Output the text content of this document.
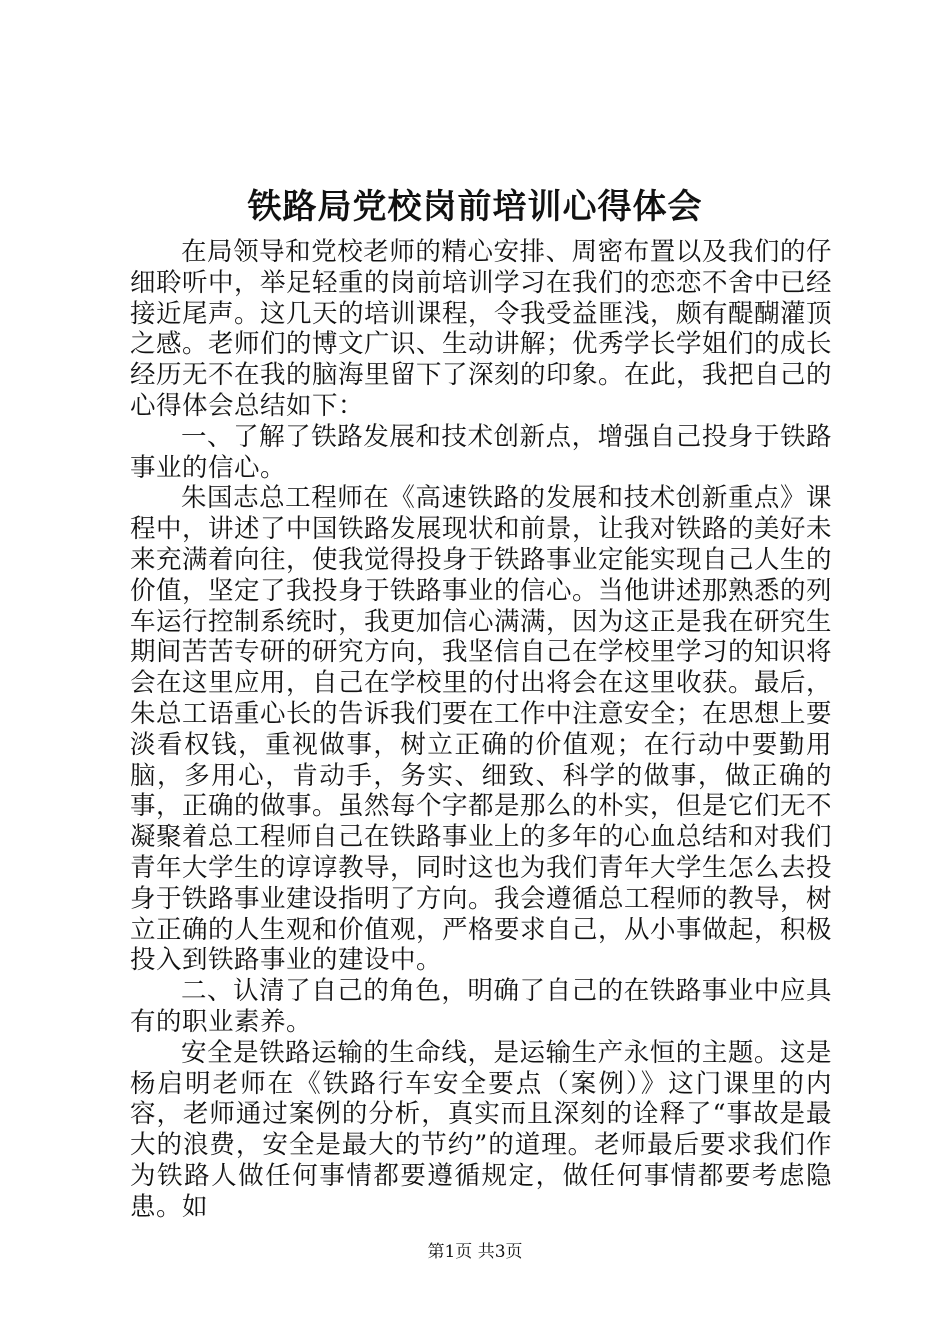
铁路局党校岗前培训心得体会

在局领导和党校老师的精心安排、周密布置以及我们的仔细聆听中，举足轻重的岗前培训学习在我们的恋恋不舍中已经接近尾声。这几天的培训课程，令我受益匪浅，颇有醍醐灌顶之感。老师们的博文广识、生动讲解；优秀学长学姐们的成长经历无不在我的脑海里留下了深刻的印象。在此，我把自己的心得体会总结如下：

一、了解了铁路发展和技术创新点，增强自己投身于铁路事业的信心。

朱国志总工程师在《高速铁路的发展和技术创新重点》课程中，讲述了中国铁路发展现状和前景，让我对铁路的美好未来充满着向往，使我觉得投身于铁路事业定能实现自己人生的价值，坚定了我投身于铁路事业的信心。当他讲述那熟悉的列车运行控制系统时，我更加信心满满，因为这正是我在研究生期间苦苦专研的研究方向，我坚信自己在学校里学习的知识将会在这里应用，自己在学校里的付出将会在这里收获。最后，朱总工语重心长的告诉我们要在工作中注意安全；在思想上要淡看权钱，重视做事，树立正确的价值观；在行动中要勤用脑，多用心，肯动手，务实、细致、科学的做事，做正确的事，正确的做事。虽然每个字都是那么的朴实，但是它们无不凝聚着总工程师自己在铁路事业上的多年的心血总结和对我们青年大学生的谆谆教导，同时这也为我们青年大学生怎么去投身于铁路事业建设指明了方向。我会遵循总工程师的教导，树立正确的人生观和价值观，严格要求自己，从小事做起，积极投入到铁路事业的建设中。

二、认清了自己的角色，明确了自己的在铁路事业中应具有的职业素养。

安全是铁路运输的生命线，是运输生产永恒的主题。这是杨启明老师在《铁路行车安全要点（案例）》这门课里的内容，老师通过案例的分析，真实而且深刻的诠释了“事故是最大的浪费，安全是最大的节约”的道理。老师最后要求我们作为铁路人做任何事情都要遵循规定，做任何事情都要考虑隐患。如

第1页 共3页
